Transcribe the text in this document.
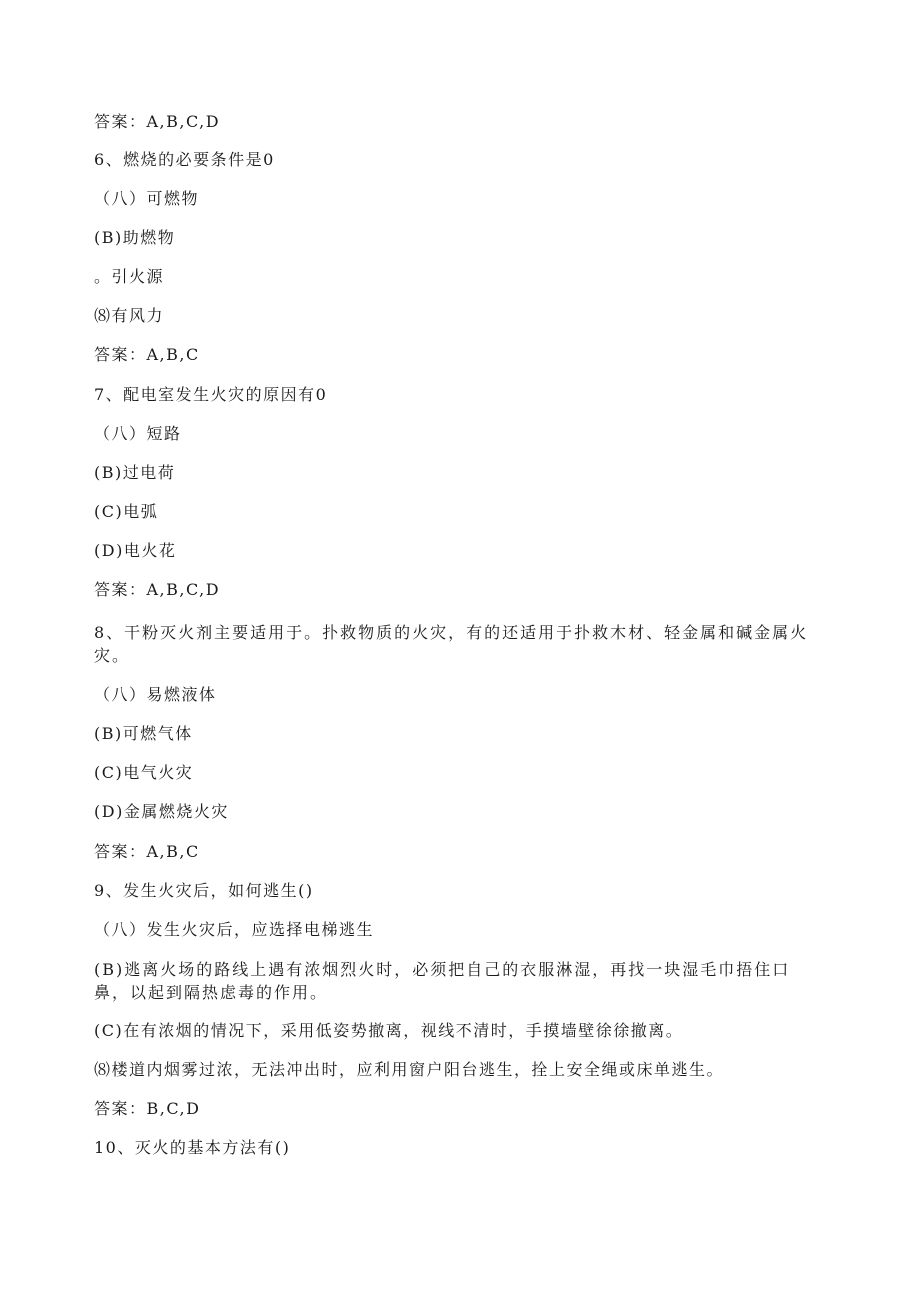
答案：A,B,C,D
6、燃烧的必要条件是0
（八）可燃物
(B)助燃物
。引火源
⑻有风力
答案：A,B,C
7、配电室发生火灾的原因有0
（八）短路
(B)过电荷
(C)电弧
(D)电火花
答案：A,B,C,D
8、干粉灭火剂主要适用于。扑救物质的火灾，有的还适用于扑救木材、轻金属和碱金属火灾。
（八）易燃液体
(B)可燃气体
(C)电气火灾
(D)金属燃烧火灾
答案：A,B,C
9、发生火灾后，如何逃生()
（八）发生火灾后，应选择电梯逃生
(B)逃离火场的路线上遇有浓烟烈火时，必须把自己的衣服淋湿，再找一块湿毛巾捂住口鼻，以起到隔热虑毒的作用。
(C)在有浓烟的情况下，采用低姿势撤离，视线不清时，手摸墙壁徐徐撤离。
⑻楼道内烟雾过浓，无法冲出时，应利用窗户阳台逃生，拴上安全绳或床单逃生。
答案：B,C,D
10、灭火的基本方法有()
